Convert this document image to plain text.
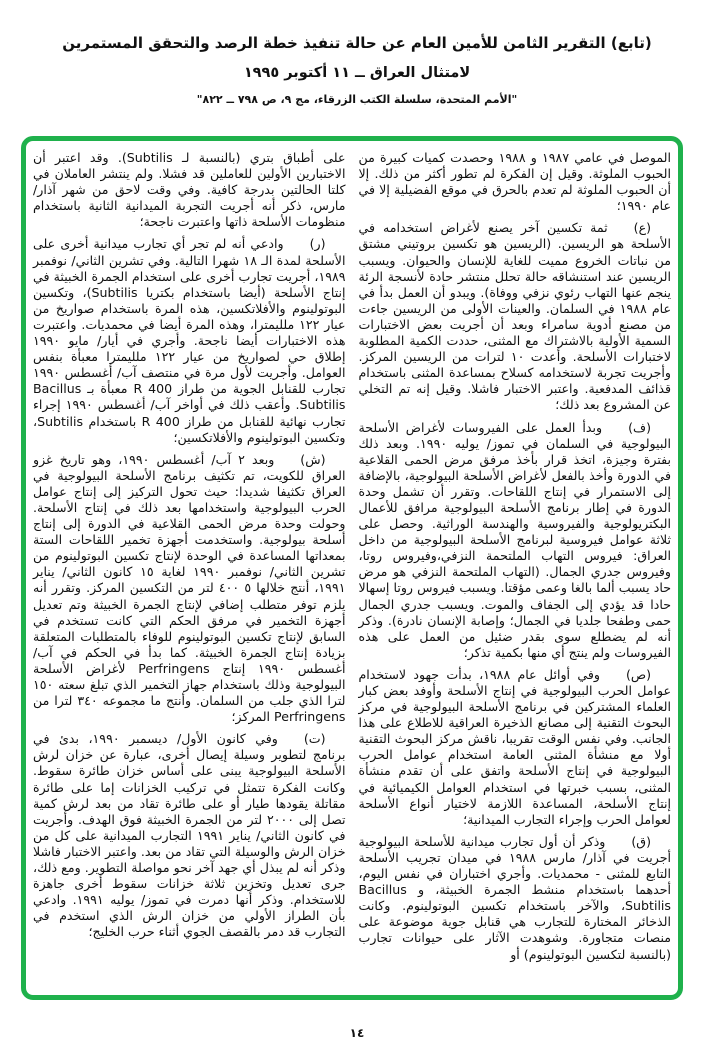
(تابع) التقرير الثامن للأمين العام عن حالة تنفيذ خطة الرصد والتحقق المستمرين

لامتثال العراق ــ ١١ أكتوبر ١٩٩٥

"الأمم المتحدة، سلسلة الكتب الزرقاء، مج ٩، ص ٧٩٨ ــ ٨٢٢"

الموصل في عامي ١٩٨٧ و ١٩٨٨ وحصدت كميات كبيرة من الحبوب الملوثة. وقيل إن الفكرة لم تطور أكثر من ذلك. إلا أن الحبوب الملوثة لم تعدم بالحرق في موقع الفضيلية إلا في عام ١٩٩٠؛

(ع)ثمة تكسين آخر يصنع لأغراض استخدامه في الأسلحة هو الريسين. (الريسين هو تكسين بروتيني مشتق من نباتات الخروع مميت للغاية للإنسان والحيوان. ويسبب الريسين عند استنشاقه حالة تحلل منتشر حادة لأنسجة الرئة ينجم عنها التهاب رئوي نزفي ووفاة). ويبدو أن العمل بدأ في عام ١٩٨٨ في السلمان. والعينات الأولى من الريسين جاءت من مصنع أدوية سامراء وبعد أن أجريت بعض الاختبارات السمية الأولية بالاشتراك مع المثنى، حددت الكمية المطلوبة لاختبارات الأسلحة. وأعدت ١٠ لترات من الريسين المركز. وأجريت تجربة لاستخدامه كسلاح بمساعدة المثنى باستخدام قذائف المدفعية. واعتبر الاختبار فاشلا. وقيل إنه تم التخلي عن المشروع بعد ذلك؛

(ف)وبدأ العمل على الفيروسات لأغراض الأسلحة البيولوجية في السلمان في تموز/ يوليه ١٩٩٠. وبعد ذلك بفترة وجيزة، اتخذ قرار بأخذ مرفق مرض الحمى القلاعية في الدورة وأخذ بالفعل لأغراض الأسلحة البيولوجية، بالإضافة إلى الاستمرار في إنتاج اللقاحات. وتقرر أن تشمل وحدة الدورة في إطار برنامج الأسلحة البيولوجية مرافق للأعمال البكتريولوجية والفيروسية والهندسة الوراثية. وحصل على ثلاثة عوامل فيروسية لبرنامج الأسلحة البيولوجية من داخل العراق: فيروس التهاب الملتحمة النزفي،وفيروس روتا، وفيروس جدري الجمال. (التهاب الملتحمة النزفي هو مرض حاد يسبب ألما بالغا وعمى مؤقتا. ويسبب فيروس روتا إسهالا حادا قد يؤدي إلى الجفاف والموت. ويسبب جدري الجمال حمى وطفحا جلديا في الجمال؛ وإصابة الإنسان نادرة). وذكر أنه لم يضطلع سوى بقدر ضئيل من العمل على هذه الفيروسات ولم ينتج أي منها بكمية تذكر؛

(ص)وفي أوائل عام ١٩٨٨، بدأت جهود لاستخدام عوامل الحرب البيولوجية في إنتاج الأسلحة وأوفد بعض كبار العلماء المشتركين في برنامج الأسلحة البيولوجية في مركز البحوث التقنية إلى مصانع الذخيرة العراقية للاطلاع على هذا الجانب. وفي نفس الوقت تقريبا، ناقش مركز البحوث التقنية أولا مع منشأة المثنى العامة استخدام عوامل الحرب البيولوجية في إنتاج الأسلحة واتفق على أن تقدم منشأة المثنى، بسبب خبرتها في استخدام العوامل الكيميائية في إنتاج الأسلحة، المساعدة اللازمة لاختيار أنواع الأسلحة لعوامل الحرب وإجراء التجارب الميدانية؛

(ق)وذكر أن أول تجارب ميدانية للأسلحة البيولوجية أجريت في آذار/ مارس ١٩٨٨ في ميدان تجريب الأسلحة التابع للمثنى - محمديات. وأجري اختباران في نفس اليوم، أحدهما باستخدام منشط الجمرة الخبيثة، و Bacillus Subtilis، والآخر باستخدام تكسين البوتولينوم. وكانت الذخائر المختارة للتجارب هي قنابل جوية موضوعة على منصات متجاورة. وشوهدت الآثار على حيوانات تجارب (بالنسبة لتكسين البوتولينوم) أو

على أطباق بتري (بالنسبة لـ Subtilis). وقد اعتبر أن الاختبارين الأولين للعاملين قد فشلا. ولم ينتشر العاملان في كلتا الحالتين بدرجة كافية. وفي وقت لاحق من شهر آذار/ مارس، ذكر أنه أجريت التجربة الميدانية الثانية باستخدام منظومات الأسلحة ذاتها واعتبرت ناجحة؛

(ر)وادعي أنه لم تجر أي تجارب ميدانية أخرى على الأسلحة لمدة الـ ١٨ شهرا التالية. وفي تشرين الثاني/ نوفمبر ١٩٨٩، أجريت تجارب أخرى على استخدام الجمرة الخبيثة في إنتاج الأسلحة (أيضا باستخدام بكتريا Subtilis)، وتكسين البوتولينوم والأفلاتكسين، هذه المرة باستخدام صواريخ من عيار ١٢٢ ملليمترا، وهذه المرة أيضا في محمديات. واعتبرت هذه الاختبارات أيضا ناجحة. وأجري في أيار/ مايو ١٩٩٠ إطلاق حي لصواريخ من عيار ١٢٢ ملليمترا معبأة بنفس العوامل. وأجريت لأول مرة في منتصف آب/ أغسطس ١٩٩٠ تجارب للقنابل الجوية من طراز R 400 معبأة بـ Bacillus Subtilis. وأعقب ذلك في أواخر آب/ أغسطس ١٩٩٠ إجراء تجارب نهائية للقنابل من طراز R 400 باستخدام Subtilis، وتكسين البوتولينوم والأفلاتكسين؛

(ش)وبعد ٢ آب/ أغسطس ١٩٩٠، وهو تاريخ غزو العراق للكويت، تم تكثيف برنامج الأسلحة البيولوجية في العراق تكثيفا شديدا: حيث تحول التركيز إلى إنتاج عوامل الحرب البيولوجية واستخدامها بعد ذلك في إنتاج الأسلحة. وحولت وحدة مرض الحمى القلاعية في الدورة إلى إنتاج أسلحة بيولوجية. واستخدمت أجهزة تخمير اللقاحات الستة بمعداتها المساعدة في الوحدة لإنتاج تكسين البوتولينوم من تشرين الثاني/ نوفمبر ١٩٩٠ لغاية ١٥ كانون الثاني/ يناير ١٩٩١، أنتج خلالها ٥ ٤٠٠ لتر من التكسين المركز. وتقرر أنه يلزم توفر متطلب إضافي لإنتاج الجمرة الخبيثة وتم تعديل أجهزة التخمير في مرفق الحكم التي كانت تستخدم في السابق لإنتاج تكسين البوتولينوم للوفاء بالمتطلبات المتعلقة بزيادة إنتاج الجمرة الخبيثة. كما بدأ في الحكم في آب/ أغسطس ١٩٩٠ إنتاج Perfringens لأغراض الأسلحة البيولوجية وذلك باستخدام جهاز التخمير الذي تبلغ سعته ١٥٠ لترا الذي جلب من السلمان. وأنتج ما مجموعه ٣٤٠ لترا من Perfringens المركز؛

(ت)وفي كانون الأول/ ديسمبر ١٩٩٠، بدئ في برنامج لتطوير وسيلة إيصال أخرى، عبارة عن خزان لرش الأسلحة البيولوجية يبنى على أساس خزان طائرة سقوط. وكانت الفكرة تتمثل في تركيب الخزانات إما على طائرة مقاتلة يقودها طيار أو على طائرة تقاد من بعد لرش كمية تصل إلى ٢٠٠٠ لتر من الجمرة الخبيثة فوق الهدف. وأجريت في كانون الثاني/ يناير ١٩٩١ التجارب الميدانية على كل من خزان الرش والوسيلة التي تقاد من بعد. واعتبر الاختبار فاشلا وذكر أنه لم يبذل أي جهد آخر نحو مواصلة التطوير. ومع ذلك، جرى تعديل وتخزين ثلاثة خزانات سقوط أخرى جاهزة للاستخدام. وذكر أنها دمرت في تموز/ يوليه ١٩٩١. وادعي بأن الطراز الأولي من خزان الرش الذي استخدم في التجارب قد دمر بالقصف الجوي أثناء حرب الخليج؛

١٤
